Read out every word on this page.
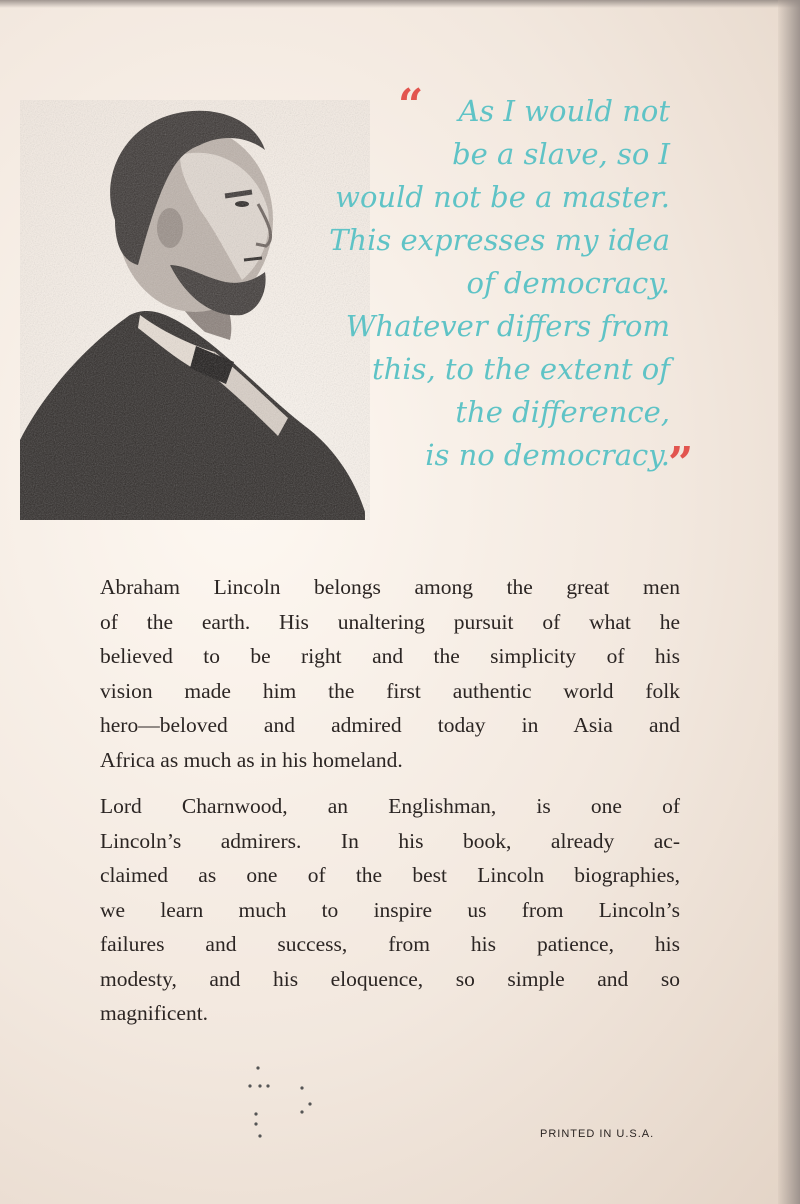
“	As I would not
be a slave, so I
would not be a master.
This expresses my idea
of democracy.
Whatever differs from
this, to the extent of
the difference,
is no democracy.
”

Abraham Lincoln belongs among the great men
of the earth. His unaltering pursuit of what he
believed to be right and the simplicity of his
vision made him the first authentic world folk
hero—beloved and admired today in Asia and
Africa as much as in his homeland.

Lord Charnwood, an Englishman, is one of
Lincoln’s admirers. In his book, already ac-
claimed as one of the best Lincoln biographies,
we learn much to inspire us from Lincoln’s
failures and success, from his patience, his
modesty, and his eloquence, so simple and so
magnificent.

PRINTED IN U.S.A.
